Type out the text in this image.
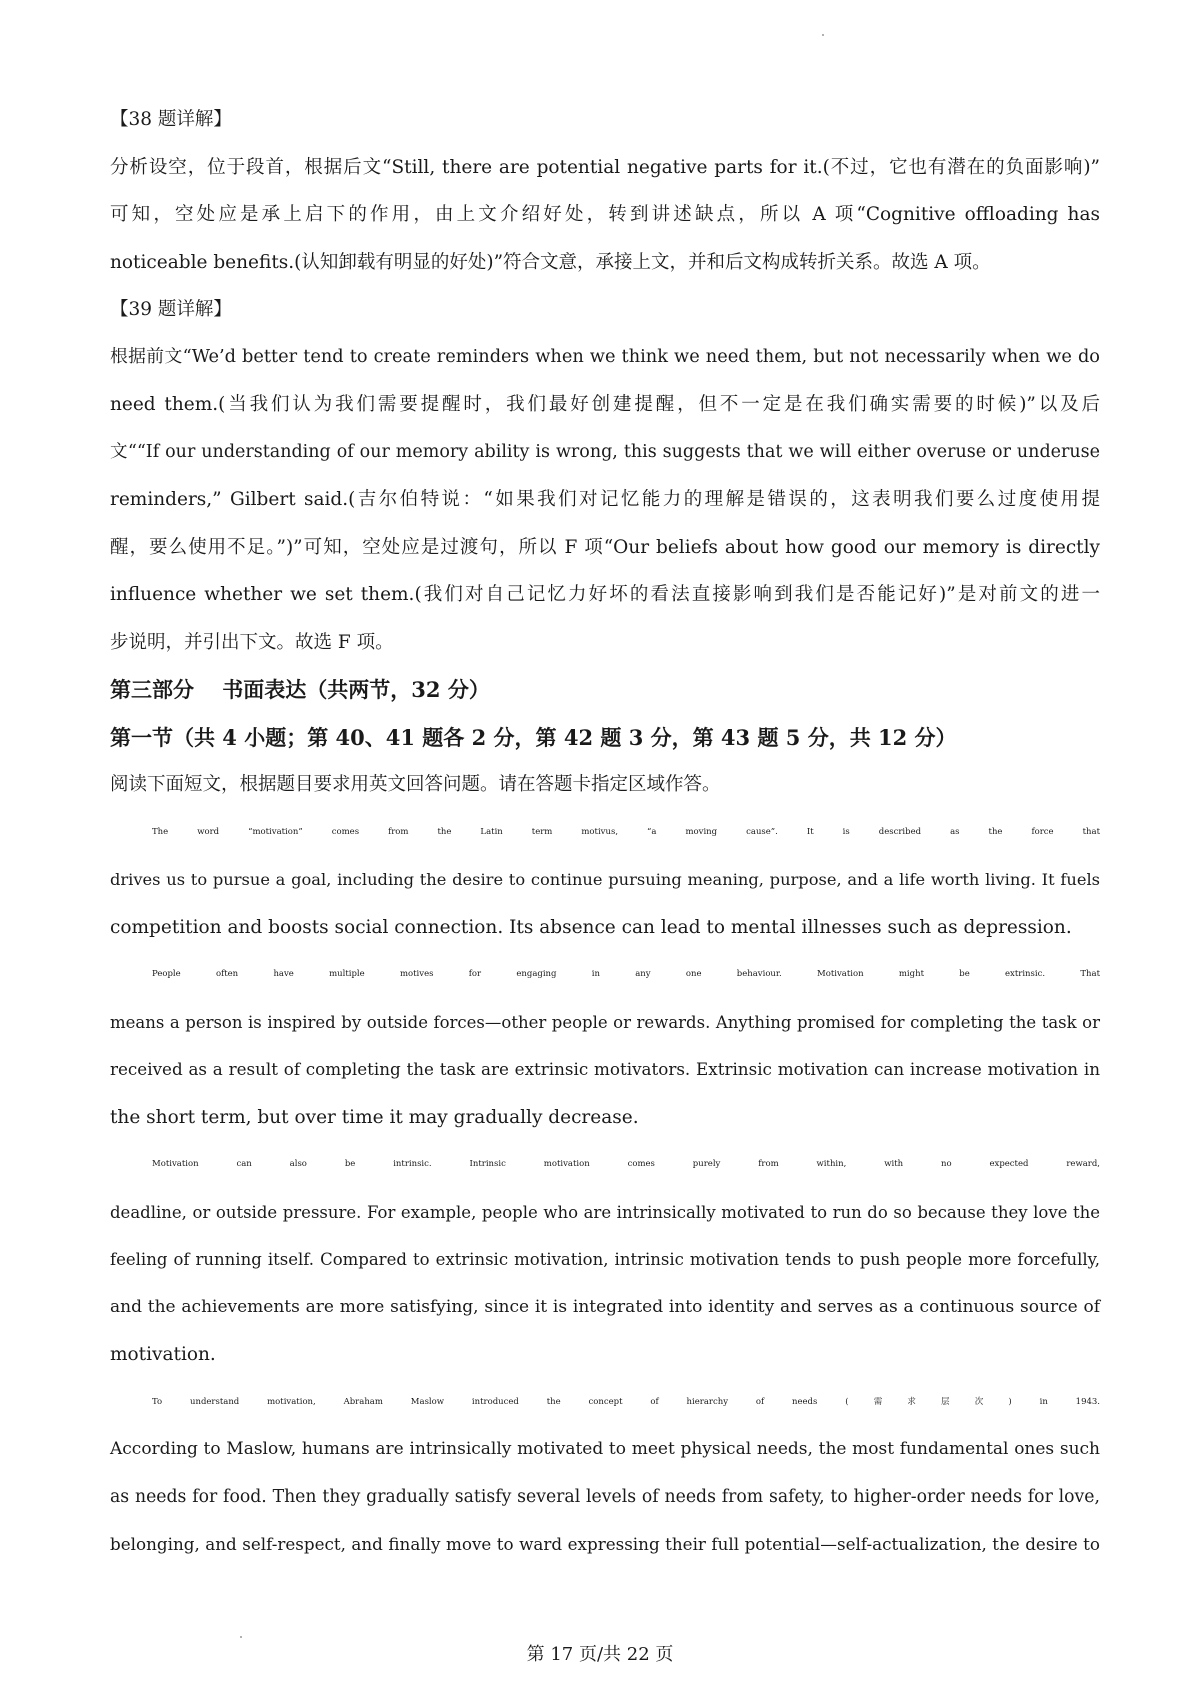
【38 题详解】
分析设空，位于段首，根据后文“Still, there are potential negative parts for it.(不过，它也有潜在的负面影响)”
可知，空处应是承上启下的作用，由上文介绍好处，转到讲述缺点，所以 A 项“Cognitive offloading has
noticeable benefits.(认知卸载有明显的好处)”符合文意，承接上文，并和后文构成转折关系。故选 A 项。
【39 题详解】
根据前文“We’d better tend to create reminders when we think we need them, but not necessarily when we do
need them.(当我们认为我们需要提醒时，我们最好创建提醒，但不一定是在我们确实需要的时候)”以及后
文““If our understanding of our memory ability is wrong, this suggests that we will either overuse or underuse
reminders,” Gilbert said.(吉尔伯特说：“如果我们对记忆能力的理解是错误的，这表明我们要么过度使用提
醒，要么使用不足。”)”可知，空处应是过渡句，所以 F 项“Our beliefs about how good our memory is directly
influence whether we set them.(我们对自己记忆力好坏的看法直接影响到我们是否能记好)”是对前文的进一
步说明，并引出下文。故选 F 项。
第三部分　 书面表达（共两节，32 分）
第一节（共 4 小题；第 40、41 题各 2 分，第 42 题 3 分，第 43 题 5 分，共 12 分）
阅读下面短文，根据题目要求用英文回答问题。请在答题卡指定区域作答。
The word “motivation” comes from the Latin term motivus, “a moving cause”. It is described as the force that
drives us to pursue a goal, including the desire to continue pursuing meaning, purpose, and a life worth living. It fuels
competition and boosts social connection. Its absence can lead to mental illnesses such as depression.
People often have multiple motives for engaging in any one behaviour. Motivation might be extrinsic. That
means a person is inspired by outside forces—other people or rewards. Anything promised for completing the task or
received as a result of completing the task are extrinsic motivators. Extrinsic motivation can increase motivation in
the short term, but over time it may gradually decrease.
Motivation can also be intrinsic. Intrinsic motivation comes purely from within, with no expected reward,
deadline, or outside pressure. For example, people who are intrinsically motivated to run do so because they love the
feeling of running itself. Compared to extrinsic motivation, intrinsic motivation tends to push people more forcefully,
and the achievements are more satisfying, since it is integrated into identity and serves as a continuous source of
motivation.
To understand motivation, Abraham Maslow introduced the concept of hierarchy of needs (需求层次) in 1943.
According to Maslow, humans are intrinsically motivated to meet physical needs, the most fundamental ones such
as needs for food. Then they gradually satisfy several levels of needs from safety, to higher-order needs for love,
belonging, and self-respect, and finally move to ward expressing their full potential—self-actualization, the desire to
第 17 页/共 22 页
